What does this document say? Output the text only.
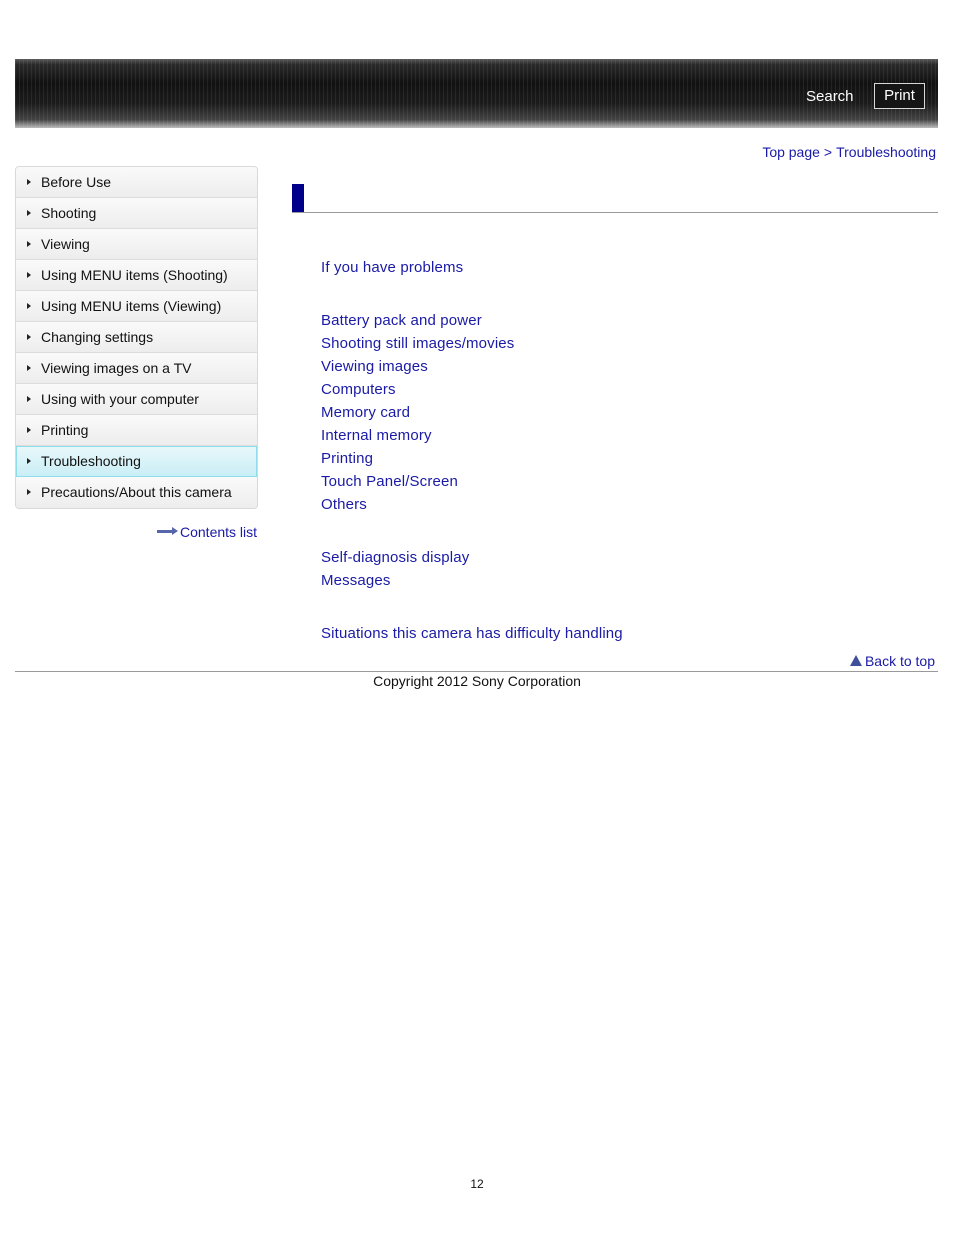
Search	Print
Top page > Troubleshooting
Before Use
Shooting
Viewing
Using MENU items (Shooting)
Using MENU items (Viewing)
Changing settings
Viewing images on a TV
Using with your computer
Printing
Troubleshooting
Precautions/About this camera
Contents list
If you have problems
Battery pack and power
Shooting still images/movies
Viewing images
Computers
Memory card
Internal memory
Printing
Touch Panel/Screen
Others
Self-diagnosis display
Messages
Situations this camera has difficulty handling
Back to top
Copyright 2012 Sony Corporation
12
